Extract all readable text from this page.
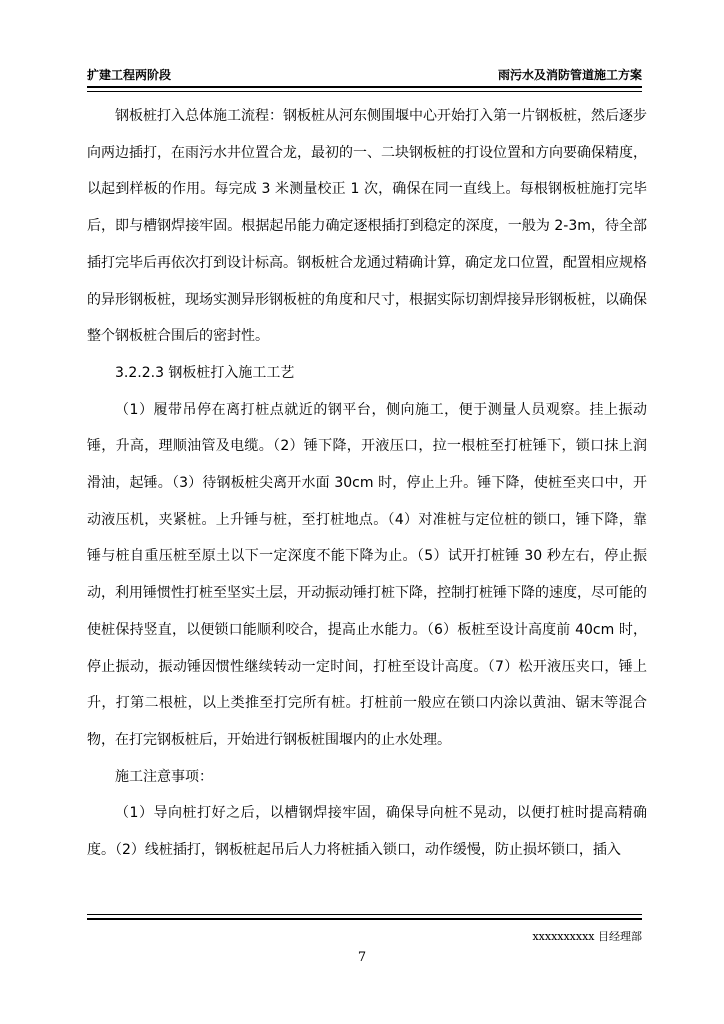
扩建工程两阶段	雨污水及消防管道施工方案

钢板桩打入总体施工流程：钢板桩从河东侧围堰中心开始打入第一片钢板桩，然后逐步向两边插打，在雨污水井位置合龙，最初的一、二块钢板桩的打设位置和方向要确保精度，以起到样板的作用。每完成 3 米测量校正 1 次，确保在同一直线上。每根钢板桩施打完毕后，即与槽钢焊接牢固。根据起吊能力确定逐根插打到稳定的深度，一般为 2-3m，待全部插打完毕后再依次打到设计标高。钢板桩合龙通过精确计算，确定龙口位置，配置相应规格的异形钢板桩，现场实测异形钢板桩的角度和尺寸，根据实际切割焊接异形钢板桩，以确保整个钢板桩合围后的密封性。

3.2.2.3 钢板桩打入施工工艺

（1）履带吊停在离打桩点就近的钢平台，侧向施工，便于测量人员观察。挂上振动锤，升高，理顺油管及电缆。（2）锤下降，开液压口，拉一根桩至打桩锤下，锁口抹上润滑油，起锤。（3）待钢板桩尖离开水面 30cm 时，停止上升。锤下降，使桩至夹口中，开动液压机，夹紧桩。上升锤与桩，至打桩地点。（4）对准桩与定位桩的锁口，锤下降，靠锤与桩自重压桩至原土以下一定深度不能下降为止。（5）试开打桩锤 30 秒左右，停止振动，利用锤惯性打桩至坚实土层，开动振动锤打桩下降，控制打桩锤下降的速度，尽可能的使桩保持竖直，以便锁口能顺利咬合，提高止水能力。（6）板桩至设计高度前 40cm 时，停止振动，振动锤因惯性继续转动一定时间，打桩至设计高度。（7）松开液压夹口，锤上升，打第二根桩，以上类推至打完所有桩。打桩前一般应在锁口内涂以黄油、锯末等混合物，在打完钢板桩后，开始进行钢板桩围堰内的止水处理。

施工注意事项：

（1）导向桩打好之后，以槽钢焊接牢固，确保导向桩不晃动，以便打桩时提高精确度。（2）线桩插打，钢板桩起吊后人力将桩插入锁口，动作缓慢，防止损坏锁口，插入

xxxxxxxxxx 目经理部
7
